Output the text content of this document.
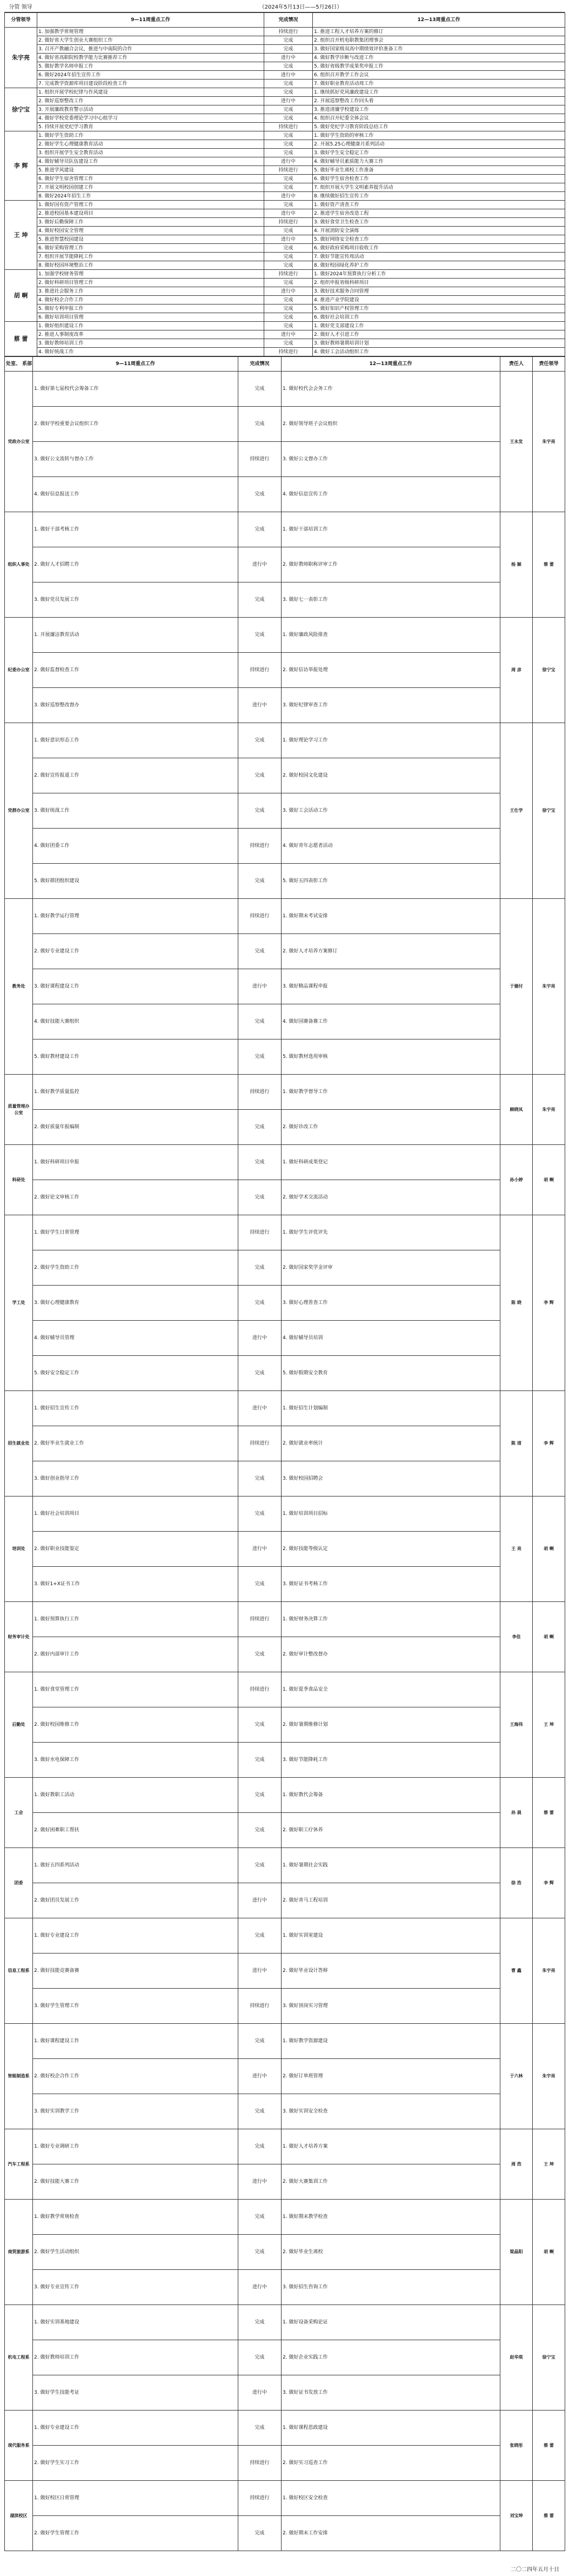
分管 领导	（2024年5月13日——5月26日）
分管领导	9—11周重点工作	完成情况	12—13周重点工作
朱宇亮	1. 加强教学常规管理	持续进行	1. 推进工程人才培养方案的修订
	2. 做好省大学生创业大赛组织工作	完成	2. 组织召开机电职教集团理事会
	3. 召开产教融合会议，推进与中南院的合作	完成	3. 做好国家级双高中期绩效评价准备工作
	4. 做好省高职院校教学能力比赛推荐工作	进行中	4. 做好教学诊断与改进工作
	5. 做好教学名师申报工作	完成	5. 做好省级教学成果奖申报工作
	6. 做好2024年招生宣传工作	进行中	6. 组织召开教学工作会议
	7. 完成教学资源库项目建设阶段检查工作	完成	7. 做好职业教育活动周工作
徐宁宝	1. 组织开展学校纪律与作风建设	完成	1. 继续抓好党风廉政建设工作
	2. 做好巡察整改工作	进行中	2. 开展巡察整改工作回头看
	3. 开展廉政教育警示活动	完成	3. 推进清廉学校建设工作
	4. 做好学校党委理论学习中心组学习	完成	4. 组织召开纪委全体会议
	5. 持续开展党纪学习教育	持续进行	5. 做好党纪学习教育阶段总结工作
李 辉	1. 做好学生资助工作	完成	1. 做好学生资助的审核工作
	2. 做好学生心理健康教育活动	完成	2. 开展5.25心理健康月系列活动
	3. 组织开展学生安全教育活动	完成	3. 做好学生安全稳定工作
	4. 做好辅导员队伍建设工作	进行中	4. 做好辅导员素质能力大赛工作
	5. 推进学风建设	持续进行	5. 做好毕业生离校工作准备
	6. 做好学生宿舍管理工作	完成	6. 做好学生宿舍检查工作
	7. 开展文明校园创建工作	完成	7. 组织开展大学生文明素养提升活动
	8. 做好2024年招生工作	进行中	8. 继续做好招生宣传工作
王 坤	1. 做好国有资产管理工作	完成	1. 做好资产清查工作
	2. 推进校园基本建设项目	进行中	2. 推进学生宿舍改造工程
	3. 做好后勤保障工作	持续进行	3. 做好食堂卫生检查工作
	4. 做好校园安全管理	完成	4. 开展消防安全演练
	5. 推进智慧校园建设	进行中	5. 做好网络安全检查工作
	6. 做好采购管理工作	完成	6. 做好政府采购项目验收工作
	7. 组织开展节能降耗工作	完成	7. 做好节能宣传周活动
	8. 做好校园环境整治工作	完成	8. 做好校园绿化养护工作
胡 啊	1. 加强学校财务管理	持续进行	1. 做好2024年预算执行分析工作
	2. 做好科研项目管理工作	完成	2. 组织申报省级科研项目
	3. 推进社会服务工作	进行中	3. 做好技术服务合同管理
	4. 做好校企合作工作	完成	4. 推进产业学院建设
	5. 做好专利申报工作	完成	5. 做好知识产权管理工作
	6. 做好培训项目管理	完成	6. 做好社会培训工作
蔡 蕾	1. 做好组织建设工作	完成	1. 做好党支部建设工作
	2. 推进人事制度改革	进行中	2. 做好人才引进工作
	3. 做好教师培训工作	完成	3. 做好教师暑期培训计划
	4. 做好统战工作	持续进行	4. 做好工会活动组织工作
处室、 系部	9—11周重点工作	完成情况	12—13周重点工作	责任人	责任领导
党政办公室	1. 做好第七届校代会筹备工作	完成	1. 做好校代会会务工作	王永发	朱宇亮
	2. 做好学校重要会议组织工作	完成	2. 做好领导班子会议组织		
	3. 做好公文流转与督办工作	持续进行	3. 做好公文督办工作		
	4. 做好信息报送工作	完成	4. 做好信息宣传工作		
组织人事处	1. 做好干部考核工作	完成	1. 做好干部培训工作	杨 颖	蔡 蕾
	2. 做好人才招聘工作	进行中	2. 做好教师职称评审工作		
	3. 做好党员发展工作	完成	3. 做好七一表彰工作		
纪委办公室	1. 开展廉洁教育活动	完成	1. 做好廉政风险排查	周 彦	徐宁宝
	2. 做好监督检查工作	持续进行	2. 做好信访举报处理		
	3. 做好巡察整改督办	进行中	3. 做好纪律审查工作		
党群办公室	1. 做好意识形态工作	完成	1. 做好理论学习工作	王仕学	徐宁宝
	2. 做好宣传报道工作	完成	2. 做好校园文化建设		
	3. 做好统战工作	完成	3. 做好工会活动工作		
	4. 做好团委工作	持续进行	4. 做好青年志愿者活动		
	5. 做好群团组织建设	完成	5. 做好五四表彰工作		
教务处	1. 做好教学运行管理	持续进行	1. 做好期末考试安排	于德付	朱宇亮
	2. 做好专业建设工作	完成	2. 做好人才培养方案修订		
	3. 做好课程建设工作	进行中	3. 做好精品课程申报		
	4. 做好技能大赛组织	完成	4. 做好国赛备赛工作		
	5. 做好教材建设工作	完成	5. 做好教材选用审核		
质量管理办公室	1. 做好教学质量监控	持续进行	1. 做好教学督导工作	顾晓凤	朱宇亮
	2. 做好质量年报编制	完成	2. 做好诊改工作		
科研处	1. 做好科研项目申报	完成	1. 做好科研成果登记	孙小婷	胡 啊
	2. 做好论文审核工作	完成	2. 做好学术交流活动		
学工处	1. 做好学生日常管理	持续进行	1. 做好学生评优评先	陈 晓	李 辉
	2. 做好学生资助工作	完成	2. 做好国家奖学金评审		
	3. 做好心理健康教育	完成	3. 做好心理普查工作		
	4. 做好辅导员管理	进行中	4. 做好辅导员培训		
	5. 做好安全稳定工作	完成	5. 做好假期安全教育		
招生就业处	1. 做好招生宣传工作	进行中	1. 做好招生计划编制	陈 清	李 辉
	2. 做好毕业生就业工作	持续进行	2. 做好就业率统计		
	3. 做好创业指导工作	完成	3. 做好校园招聘会		
培训处	1. 做好社会培训项目	完成	1. 做好培训项目招标	王 亮	胡 啊
	2. 做好职业技能鉴定	进行中	2. 做好技能等级认定		
	3. 做好1+X证书工作	完成	3. 做好证书考核工作		
财务审计处	1. 做好预算执行工作	持续进行	1. 做好财务决算工作	李佳	胡 啊
	2. 做好内部审计工作	完成	2. 做好审计整改督办		
后勤处	1. 做好食堂管理工作	持续进行	1. 做好夏季食品安全	王海伟	王 坤
	2. 做好校园维修工作	完成	2. 做好暑期维修计划		
	3. 做好水电保障工作	完成	3. 做好节能降耗工作		
工会	1. 做好教职工活动	完成	1. 做好教代会筹备	孙 晨	蔡 蕾
	2. 做好困难职工帮扶	完成	2. 做好职工疗休养		
团委	1. 做好五四系列活动	完成	1. 做好暑期社会实践	徐 浩	李 辉
	2. 做好团员发展工作	进行中	2. 做好青马工程培训		
信息工程系	1. 做好专业建设工作	完成	1. 做好实训室建设	曹 鑫	朱宇亮
	2. 做好技能竞赛备赛	进行中	2. 做好毕业设计答辩		
	3. 做好学生管理工作	持续进行	3. 做好顶岗实习管理		
智能制造系	1. 做好课程建设工作	完成	1. 做好教学资源建设	于六林	朱宇亮
	2. 做好校企合作工作	进行中	2. 做好订单班管理		
	3. 做好实训教学工作	完成	3. 做好实训安全检查		
汽车工程系	1. 做好专业调研工作	完成	1. 做好人才培养方案	周 浩	王 坤
	2. 做好技能大赛工作	进行中	2. 做好大赛集训工作		
商贸旅游系	1. 做好教学常规检查	完成	1. 做好期末教学检查	梁晶阳	胡 啊
	2. 做好学生活动组织	完成	2. 做好毕业生离校		
	3. 做好专业宣传工作	进行中	3. 做好招生咨询工作		
机电工程系	1. 做好实训基地建设	完成	1. 做好设备采购论证	赵华琪	徐宁宝
	2. 做好教师培训工作	完成	2. 做好企业实践工作		
	3. 做好学生技能考证	进行中	3. 做好证书发放工作		
现代服务系	1. 做好专业建设工作	完成	1. 做好课程思政建设	张晓彤	蔡 蕾
	2. 做好学生实习工作	持续进行	2. 做好实习巡查工作		
湖滨校区	1. 做好校区日常管理	持续进行	1. 做好校区安全检查	刘宝坤	蔡 蕾
	2. 做好学生管理工作	完成	2. 做好期末工作安排		
二〇二四年五月十日
